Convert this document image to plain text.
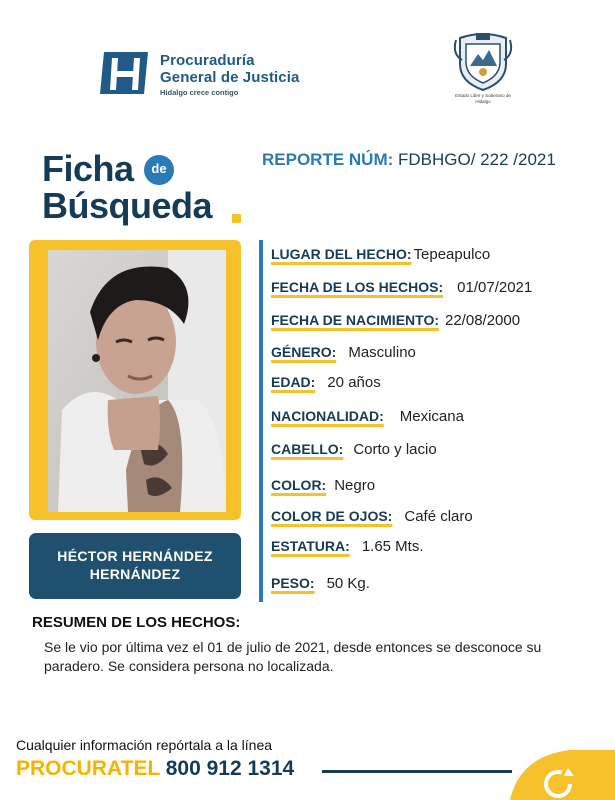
Procuraduría
General de Justicia
Hidalgo crece contigo	Estado Libre y Soberano de Hidalgo
Ficha	de
Búsqueda
REPORTE NÚM: FDBHGO/ 222 /2021
HÉCTOR HERNÁNDEZ
HERNÁNDEZ
LUGAR DEL HECHO: Tepeapulco
FECHA DE LOS HECHOS: 01/07/2021
FECHA DE NACIMIENTO: 22/08/2000
GÉNERO: Masculino
EDAD: 20 años
NACIONALIDAD: Mexicana
CABELLO: Corto y lacio
COLOR: Negro
COLOR DE OJOS: Café claro
ESTATURA: 1.65 Mts.
PESO: 50 Kg.
RESUMEN DE LOS HECHOS:
Se le vio por última vez el 01 de julio de 2021, desde entonces se desconoce su paradero. Se considera persona no localizada.
Cualquier información repórtala a la línea
PROCURATEL 800 912 1314
